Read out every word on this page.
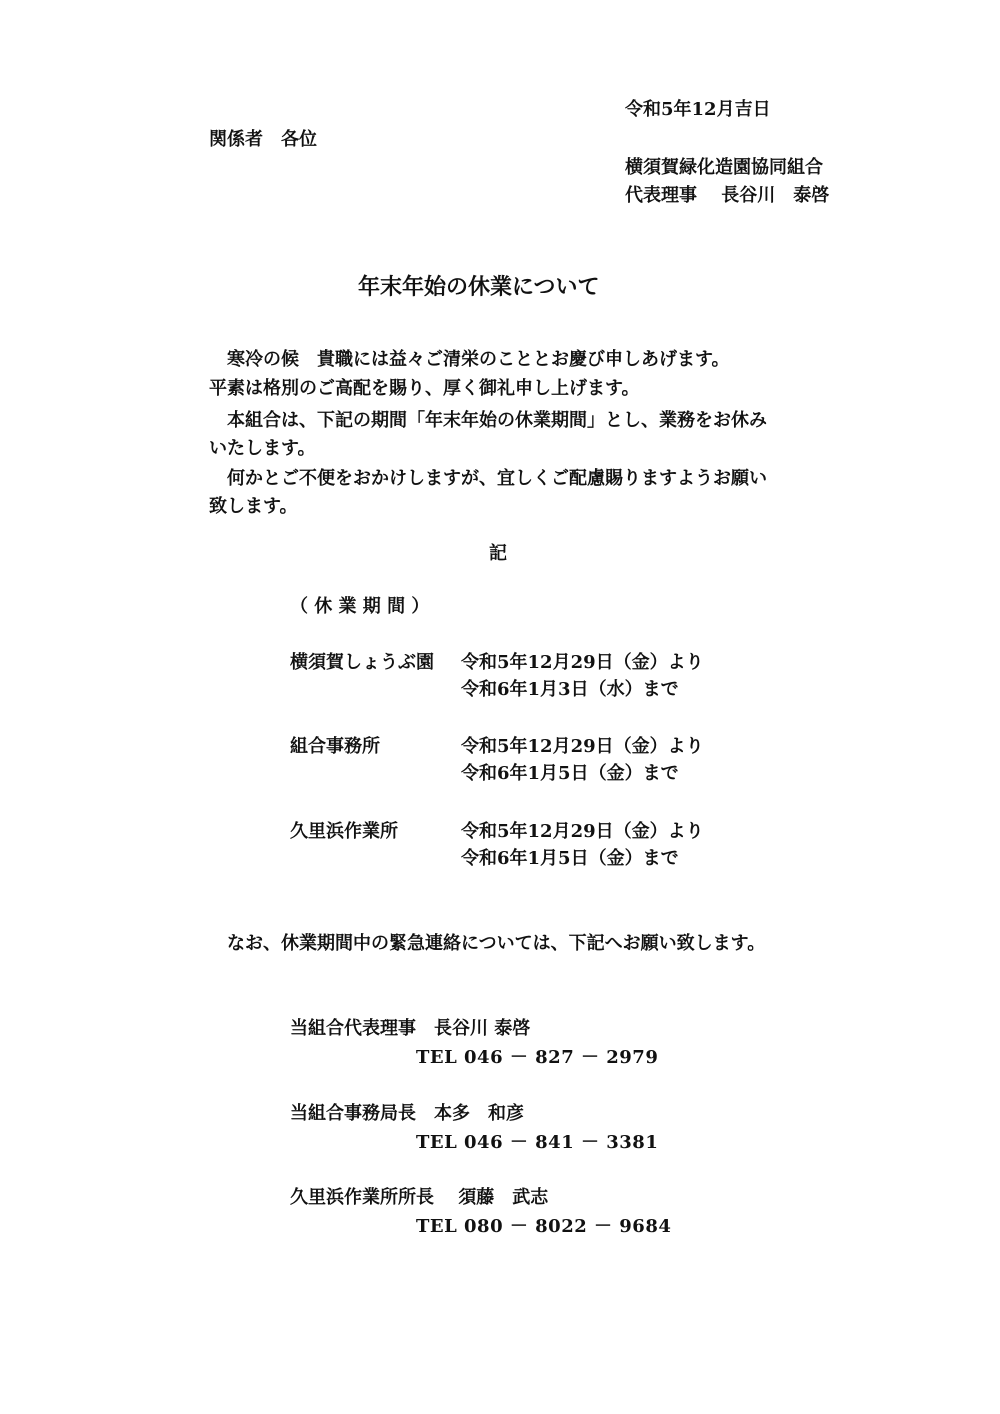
令和5年12月吉日
関係者　各位
横須賀緑化造園協同組合
代表理事　 長谷川　泰啓
年末年始の休業について
　寒冷の候　貴職には益々ご清栄のこととお慶び申しあげます。
平素は格別のご高配を賜り、厚く御礼申し上げます。
　本組合は、下記の期間「年末年始の休業期間」とし、業務をお休み
いたします。
　何かとご不便をおかけしますが、宜しくご配慮賜りますようお願い
致します。
記
（ 休 業 期 間 ）
横須賀しょうぶ園 令和5年12月29日（金）より
令和6年1月3日（水）まで
組合事務所	令和5年12月29日（金）より
令和6年1月5日（金）まで
久里浜作業所	令和5年12月29日（金）より
令和6年1月5日（金）まで
　なお、休業期間中の緊急連絡については、下記へお願い致します。
当組合代表理事　長谷川 泰啓
TEL 046 － 827 － 2979
当組合事務局長　本多　和彦
TEL 046 － 841 － 3381
久里浜作業所所長　 須藤　武志
TEL 080 － 8022 － 9684
